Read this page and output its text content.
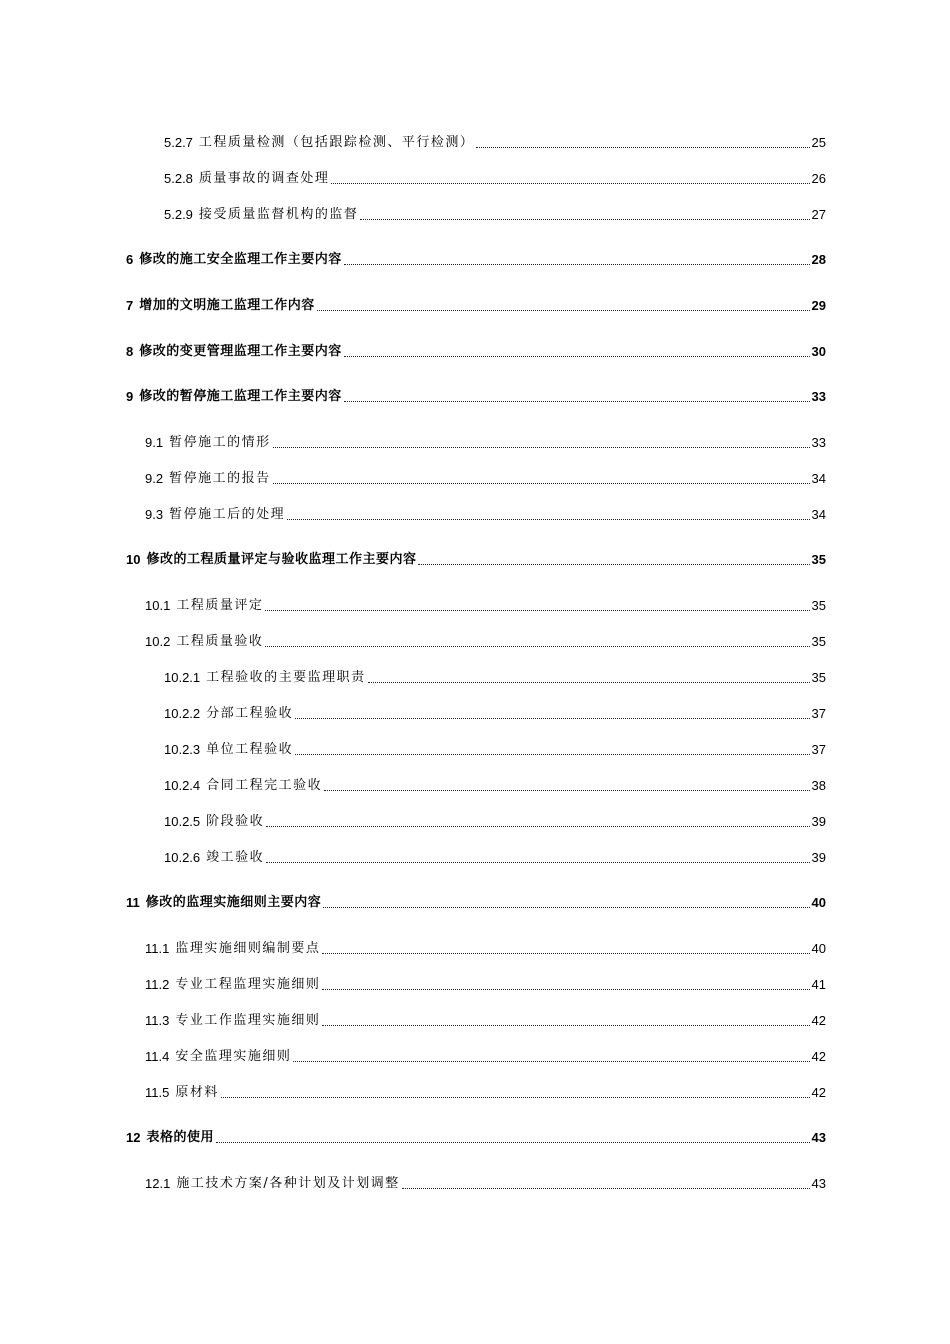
5.2.7 工程质量检测（包括跟踪检测、平行检测）	25
5.2.8 质量事故的调查处理	26
5.2.9 接受质量监督机构的监督	27
6 修改的施工安全监理工作主要内容	28
7 增加的文明施工监理工作内容	29
8 修改的变更管理监理工作主要内容	30
9 修改的暂停施工监理工作主要内容	33
9.1 暂停施工的情形	33
9.2 暂停施工的报告	34
9.3 暂停施工后的处理	34
10 修改的工程质量评定与验收监理工作主要内容	35
10.1 工程质量评定	35
10.2 工程质量验收	35
10.2.1 工程验收的主要监理职责	35
10.2.2 分部工程验收	37
10.2.3 单位工程验收	37
10.2.4 合同工程完工验收	38
10.2.5 阶段验收	39
10.2.6 竣工验收	39
11 修改的监理实施细则主要内容	40
11.1 监理实施细则编制要点	40
11.2 专业工程监理实施细则	41
11.3 专业工作监理实施细则	42
11.4 安全监理实施细则	42
11.5 原材料	42
12 表格的使用	43
12.1 施工技术方案/各种计划及计划调整	43
